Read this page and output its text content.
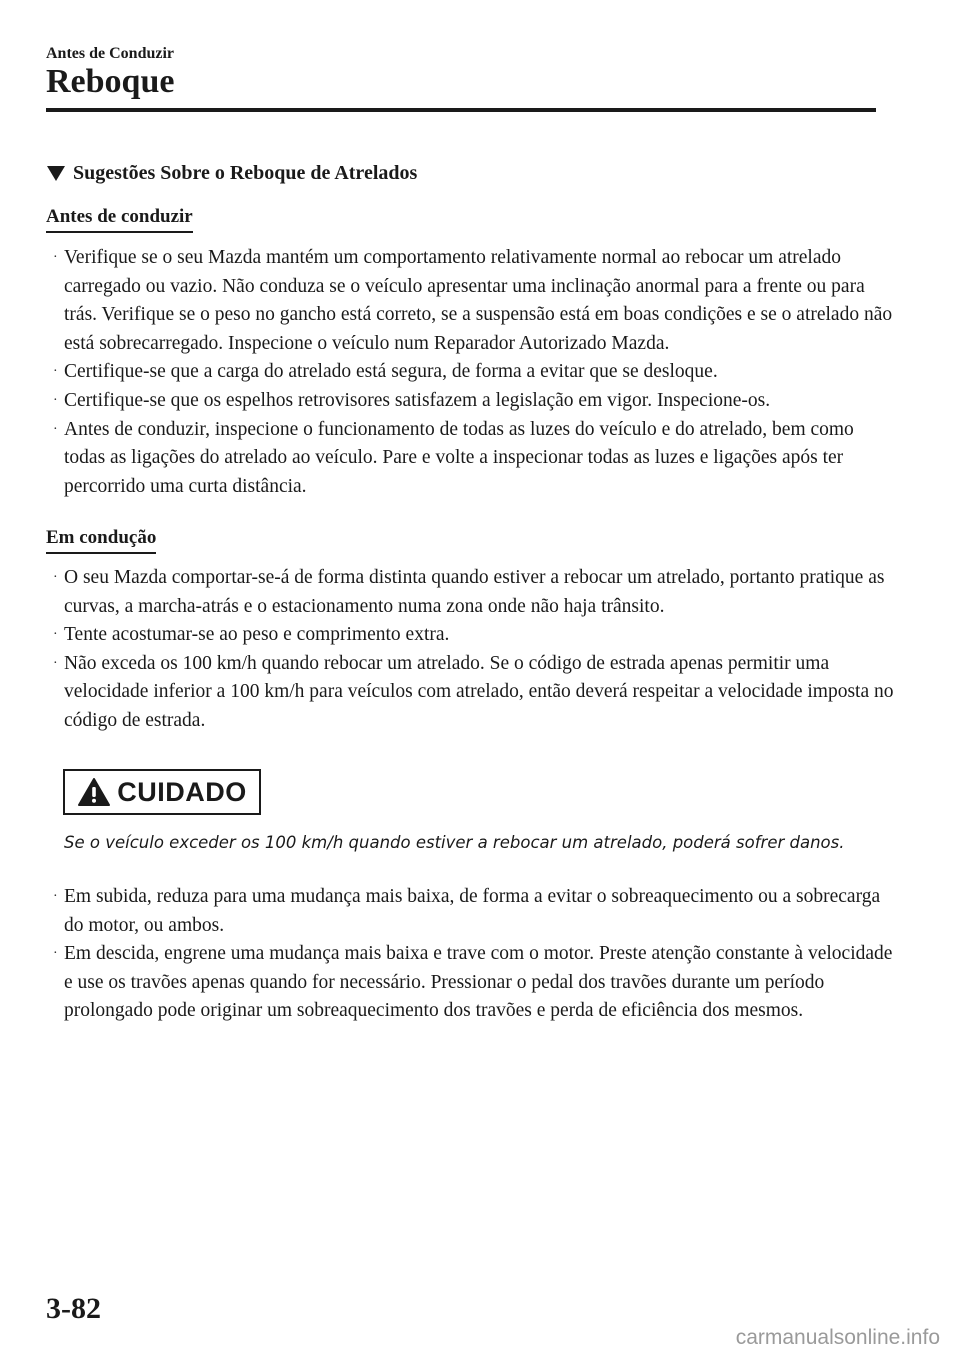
Antes de Conduzir
Reboque
Sugestões Sobre o Reboque de Atrelados
Antes de conduzir
· Verifique se o seu Mazda mantém um comportamento relativamente normal ao rebocar um atrelado carregado ou vazio. Não conduza se o veículo apresentar uma inclinação anormal para a frente ou para trás. Verifique se o peso no gancho está correto, se a suspensão está em boas condições e se o atrelado não está sobrecarregado. Inspecione o veículo num Reparador Autorizado Mazda.
· Certifique-se que a carga do atrelado está segura, de forma a evitar que se desloque.
· Certifique-se que os espelhos retrovisores satisfazem a legislação em vigor. Inspecione-os.
· Antes de conduzir, inspecione o funcionamento de todas as luzes do veículo e do atrelado, bem como todas as ligações do atrelado ao veículo. Pare e volte a inspecionar todas as luzes e ligações após ter percorrido uma curta distância.
Em condução
· O seu Mazda comportar-se-á de forma distinta quando estiver a rebocar um atrelado, portanto pratique as curvas, a marcha-atrás e o estacionamento numa zona onde não haja trânsito.
· Tente acostumar-se ao peso e comprimento extra.
· Não exceda os 100 km/h quando rebocar um atrelado. Se o código de estrada apenas permitir uma velocidade inferior a 100 km/h para veículos com atrelado, então deverá respeitar a velocidade imposta no código de estrada.
CUIDADO
Se o veículo exceder os 100 km/h quando estiver a rebocar um atrelado, poderá sofrer danos.
· Em subida, reduza para uma mudança mais baixa, de forma a evitar o sobreaquecimento ou a sobrecarga do motor, ou ambos.
· Em descida, engrene uma mudança mais baixa e trave com o motor. Preste atenção constante à velocidade e use os travões apenas quando for necessário. Pressionar o pedal dos travões durante um período prolongado pode originar um sobreaquecimento dos travões e perda de eficiência dos mesmos.
3-82
carmanualsonline.info
